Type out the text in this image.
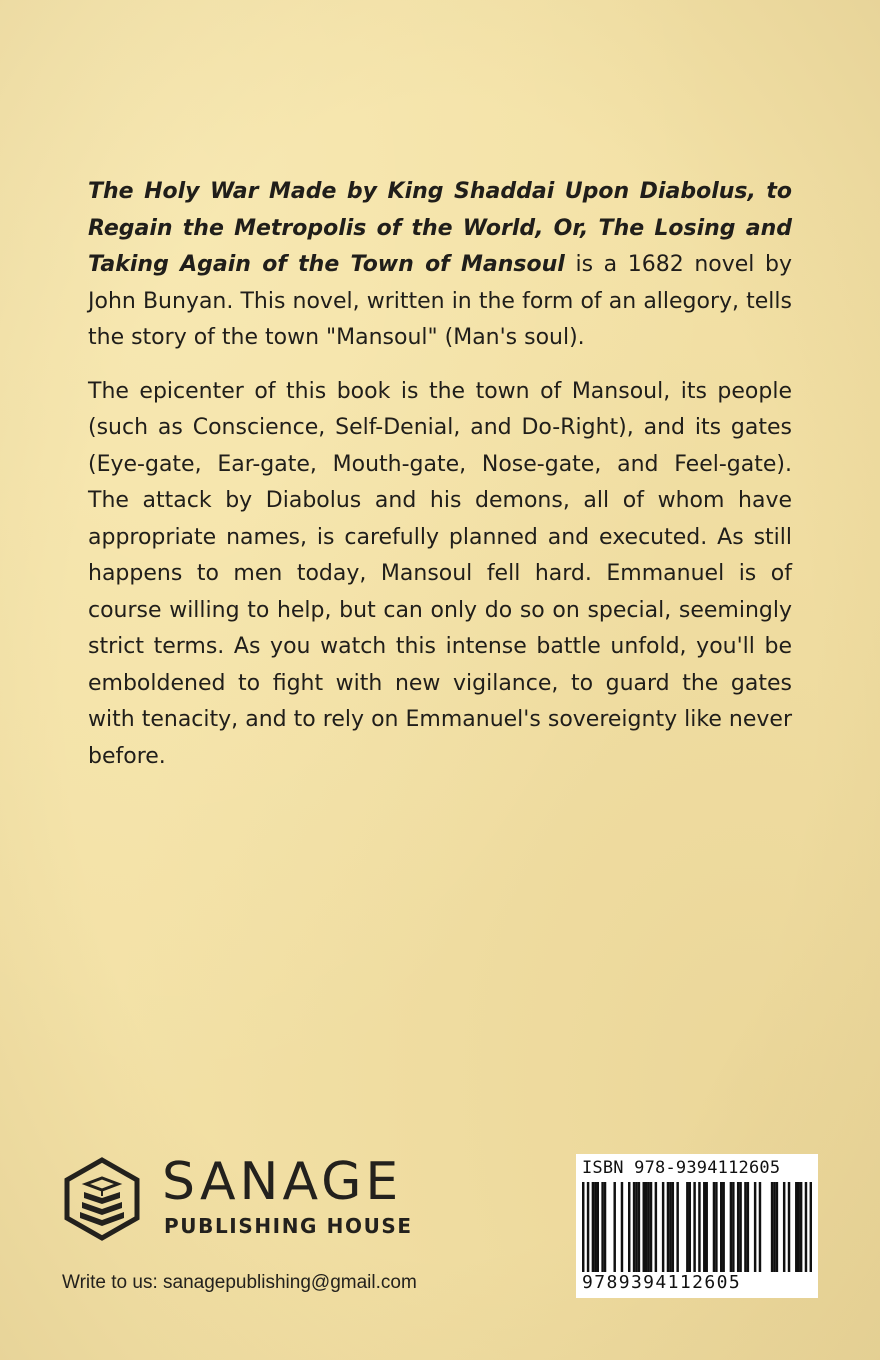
The Holy War Made by King Shaddai Upon Diabolus, to Regain the Metropolis of the World, Or, The Losing and Taking Again of the Town of Mansoul is a 1682 novel by John Bunyan. This novel, written in the form of an allegory, tells the story of the town "Mansoul" (Man's soul).

The epicenter of this book is the town of Mansoul, its people (such as Conscience, Self-Denial, and Do-Right), and its gates (Eye-gate, Ear-gate, Mouth-gate, Nose-gate, and Feel-gate). The attack by Diabolus and his demons, all of whom have appropriate names, is carefully planned and executed. As still happens to men today, Mansoul fell hard. Emmanuel is of course willing to help, but can only do so on special, seemingly strict terms. As you watch this intense battle unfold, you'll be emboldened to fight with new vigilance, to guard the gates with tenacity, and to rely on Emmanuel's sovereignty like never before.

SANAGE
PUBLISHING HOUSE
Write to us: sanagepublishing@gmail.com
ISBN 978-9394112605
9789394112605
